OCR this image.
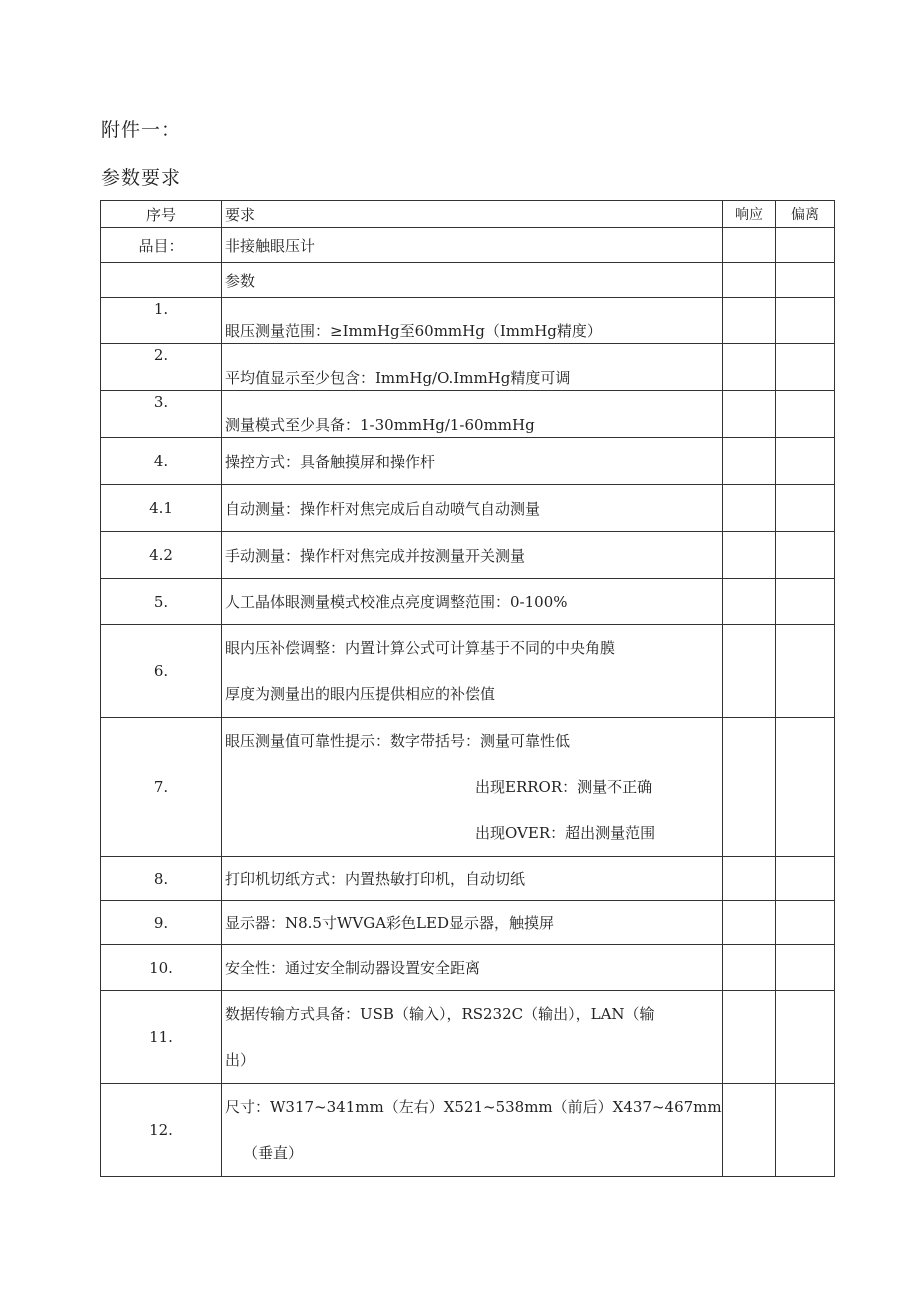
附件一：
参数要求
序号	要求	响应	偏离
品目：	非接触眼压计		
	参数		
1.	眼压测量范围：≥ImmHg至60mmHg（ImmHg精度）		

2.	平均值显示至少包含：ImmHg/O.ImmHg精度可调		

3.	测量模式至少具备：1-30mmHg/1-60mmHg		

4.	操控方式：具备触摸屏和操作杆		
4.1	自动测量：操作杆对焦完成后自动喷气自动测量		
4.2	手动测量：操作杆对焦完成并按测量开关测量		
5.	人工晶体眼测量模式校准点亮度调整范围：0-100%		
6.	眼内压补偿调整：内置计算公式可计算基于不同的中央角膜
厚度为测量出的眼内压提供相应的补偿值		

7.	眼压测量值可靠性提示：数字带括号：测量可靠性低
出现ERROR：测量不正确
出现OVER：超出测量范围		

8.	打印机切纸方式：内置热敏打印机，自动切纸		
9.	显示器：N8.5寸WVGA彩色LED显示器，触摸屏		
10.	安全性：通过安全制动器设置安全距离		
11.	数据传输方式具备：USB（输入），RS232C（输出），LAN（输
出）		

12.	尺寸：W317~341mm（左右）X521~538mm（前后）X437~467mm
（垂直）		
